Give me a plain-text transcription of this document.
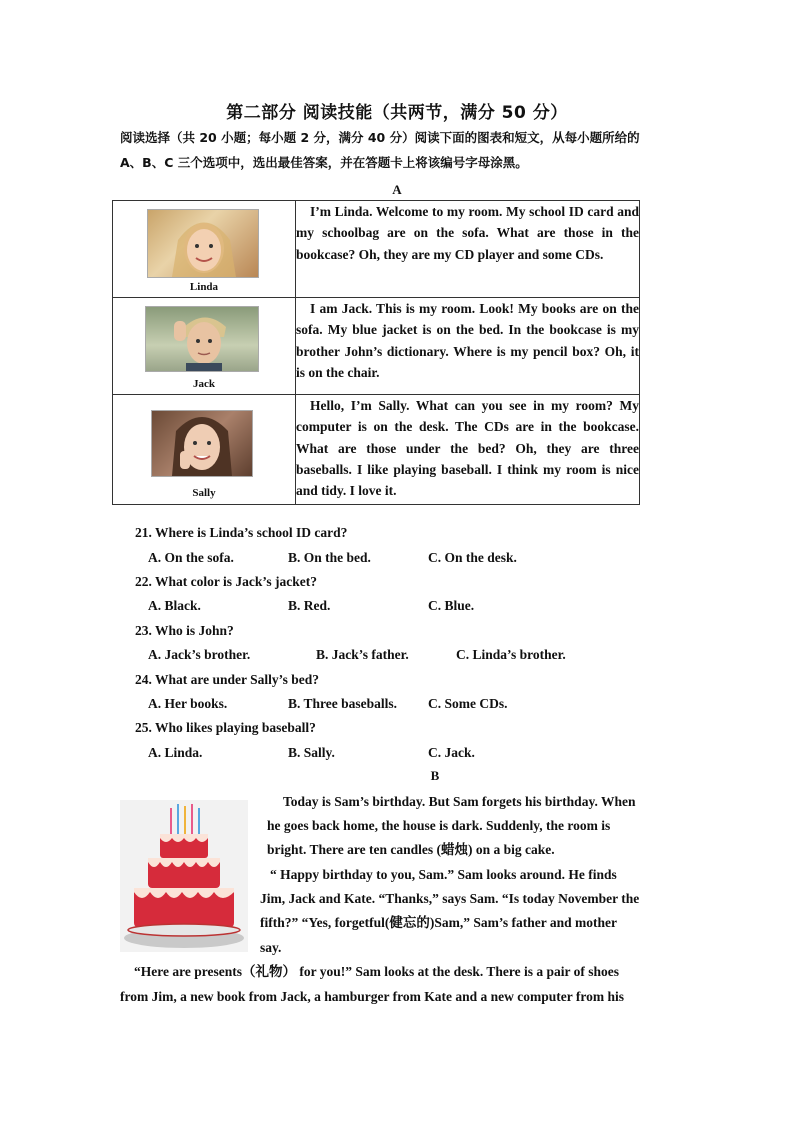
第二部分 阅读技能（共两节，满分 50 分）
阅读选择（共 20 小题；每小题 2 分，满分 40 分）阅读下面的图表和短文，从每小题所给的
A、B、C 三个选项中，选出最佳答案，并在答题卡上将该编号字母涂黑。
A
Linda	I’m Linda. Welcome to my room. My school ID card and my schoolbag are on the sofa. What are those in the bookcase? Oh, they are my CD player and some CDs.

Jack	I am Jack. This is my room. Look! My books are on the sofa. My blue jacket is on the bed. In the bookcase is my brother John’s dictionary. Where is my pencil box? Oh, it is on the chair.

Sally	Hello, I’m Sally. What can you see in my room? My computer is on the desk. The CDs are in the bookcase. What are those under the bed? Oh, they are three baseballs. I like playing baseball. I think my room is nice and tidy. I love it.
21. Where is Linda’s school ID card?
A. On the sofa.	B. On the bed.	C. On the desk.
22. What color is Jack’s jacket?
A. Black.	B. Red.	C. Blue.
23. Who is John?
A. Jack’s brother.	B. Jack’s father.	C. Linda’s brother.
24. What are under Sally’s bed?
A. Her books.	B. Three baseballs. C. Some CDs.
25. Who likes playing baseball?
A. Linda.	B. Sally.	C. Jack.
B
Today is Sam’s birthday. But Sam forgets his birthday. When
he goes back home, the house is dark. Suddenly, the room is
bright. There are ten candles (蜡烛) on a big cake.
“ Happy birthday to you, Sam.” Sam looks around. He finds
Jim, Jack and Kate. “Thanks,” says Sam. “Is today November the
fifth?” “Yes, forgetful(健忘的)Sam,” Sam’s father and mother
say.
“Here are presents（礼物） for you!” Sam looks at the desk. There is a pair of shoes
from Jim, a new book from Jack, a hamburger from Kate and a new computer from his
